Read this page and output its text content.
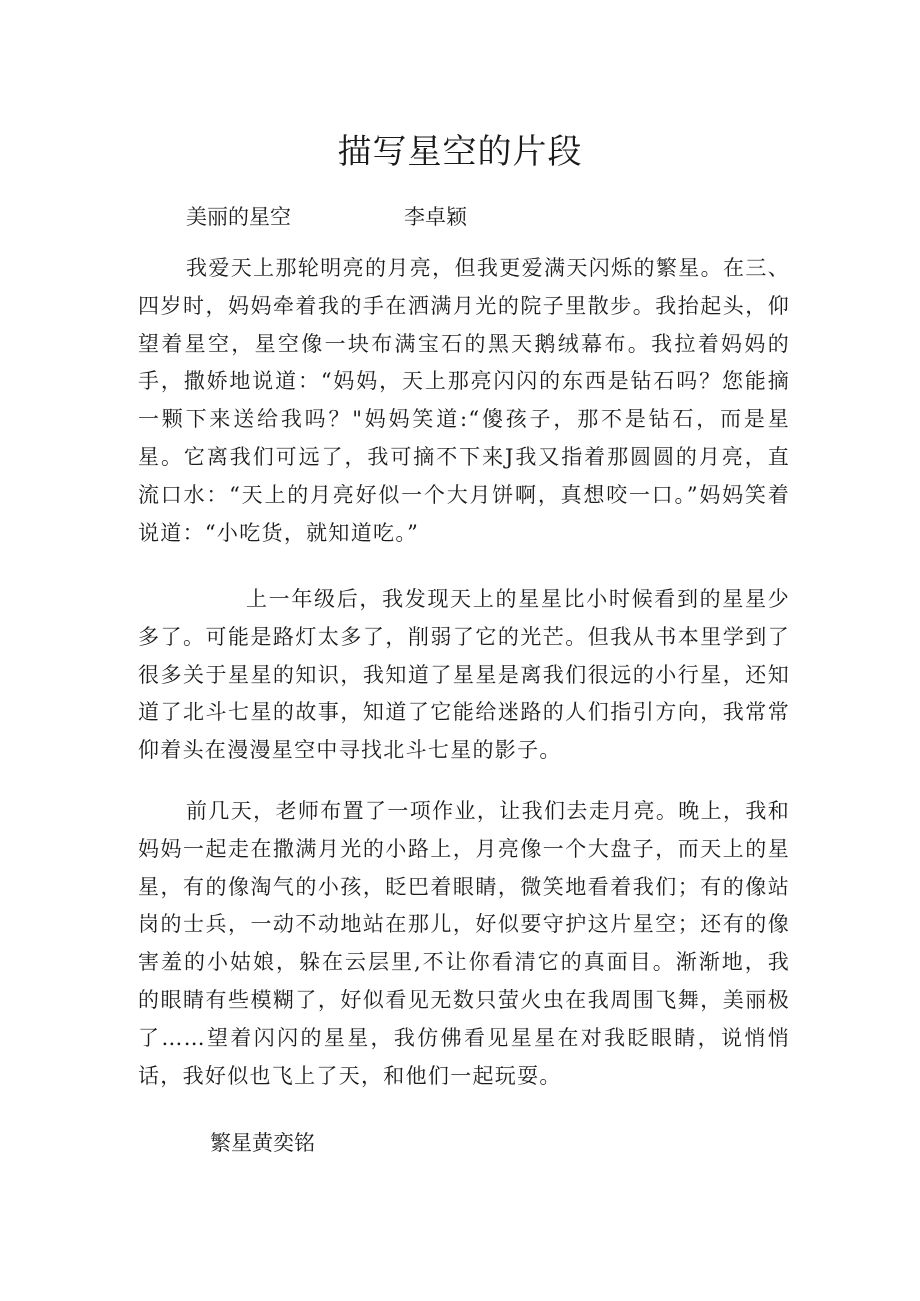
描写星空的片段
美丽的星空	李卓颖

我爱天上那轮明亮的月亮，但我更爱满天闪烁的繁星。在三、四岁时，妈妈牵着我的手在洒满月光的院子里散步。我抬起头，仰望着星空，星空像一块布满宝石的黑天鹅绒幕布。我拉着妈妈的手，撒娇地说道：“妈妈，天上那亮闪闪的东西是钻石吗？您能摘一颗下来送给我吗？"妈妈笑道:“傻孩子，那不是钻石，而是星星。它离我们可远了，我可摘不下来J我又指着那圆圆的月亮，直流口水：“天上的月亮好似一个大月饼啊，真想咬一口。”妈妈笑着说道：“小吃货，就知道吃。”

上一年级后，我发现天上的星星比小时候看到的星星少多了。可能是路灯太多了，削弱了它的光芒。但我从书本里学到了很多关于星星的知识，我知道了星星是离我们很远的小行星，还知道了北斗七星的故事，知道了它能给迷路的人们指引方向，我常常仰着头在漫漫星空中寻找北斗七星的影子。

前几天，老师布置了一项作业，让我们去走月亮。晚上，我和妈妈一起走在撒满月光的小路上，月亮像一个大盘子，而天上的星星，有的像淘气的小孩，眨巴着眼睛，微笑地看着我们；有的像站岗的士兵，一动不动地站在那儿，好似要守护这片星空；还有的像害羞的小姑娘，躲在云层里,不让你看清它的真面目。渐渐地，我的眼睛有些模糊了，好似看见无数只萤火虫在我周围飞舞，美丽极了……望着闪闪的星星，我仿佛看见星星在对我眨眼睛，说悄悄话，我好似也飞上了天，和他们一起玩耍。

繁星黄奕铭
